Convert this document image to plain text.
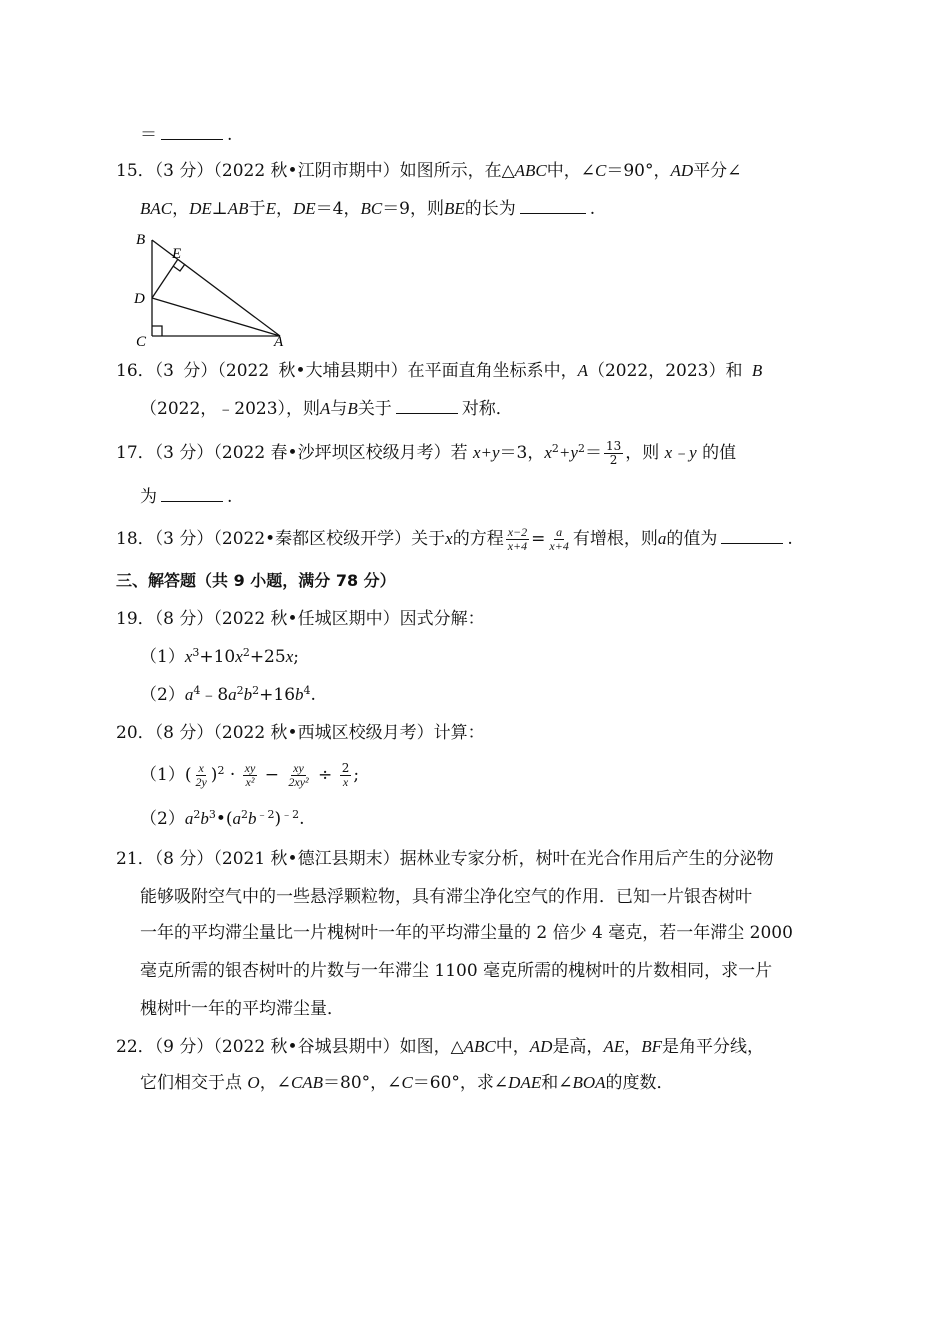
＝	.
15．（3 分）（2022 秋•江阴市期中）如图所示，在△ABC中，∠C＝90°，AD平分∠
BAC，DE⊥AB于E，DE＝4，BC＝9，则BE的长为	.
B
E
D
C	A
16．（3 分）（2022 秋•大埔县期中）在平面直角坐标系中，A（2022，2023）和 B
（2022，﹣2023），则A与B关于	对称．
17．（3 分）（2022 春•沙坪坝区校级月考）若 x+y＝3，$x^2+y^2= \frac{13}{2}$ ，则 x﹣y 的值
为	.
18．（3 分）（2022•秦都区校级开学）关于x的方程 $\frac{x-2}{x+4} = \frac{a}{x+4}$ 有增根，则a的值为	.
三、解答题（共 9 小题，满分 78 分）
19．（8 分）（2022 秋•任城区期中）因式分解：
$(1)x^3+10x^2+25x$;
$(2)a^4﹣8a^2b^2+16b^4$.
20．（8 分）（2022 秋•西城区校级月考）计算：
$(1)( \frac{x}{2y} )^2 \cdot \frac{xy}{\text{x²}} - \frac{xy}{\text{2xy²}} \div \frac{2}{x}$ ;
$(2)a^2b^3•(a^2b^{﹣2})^{﹣2}$.
21．（8 分）（2021 秋•德江县期末）据林业专家分析，树叶在光合作用后产生的分泌物
能够吸附空气中的一些悬浮颗粒物，具有滞尘净化空气的作用．已知一片银杏树叶
一年的平均滞尘量比一片槐树叶一年的平均滞尘量的 2 倍少 4 毫克，若一年滞尘 2000
毫克所需的银杏树叶的片数与一年滞尘 1100 毫克所需的槐树叶的片数相同，求一片
槐树叶一年的平均滞尘量．
22．（9 分）（2022 秋•谷城县期中）如图，△ABC中，AD是高，AE，BF是角平分线，
它们相交于点 O，∠CAB＝80°，∠C＝60°，求∠DAE和∠BOA的度数．
